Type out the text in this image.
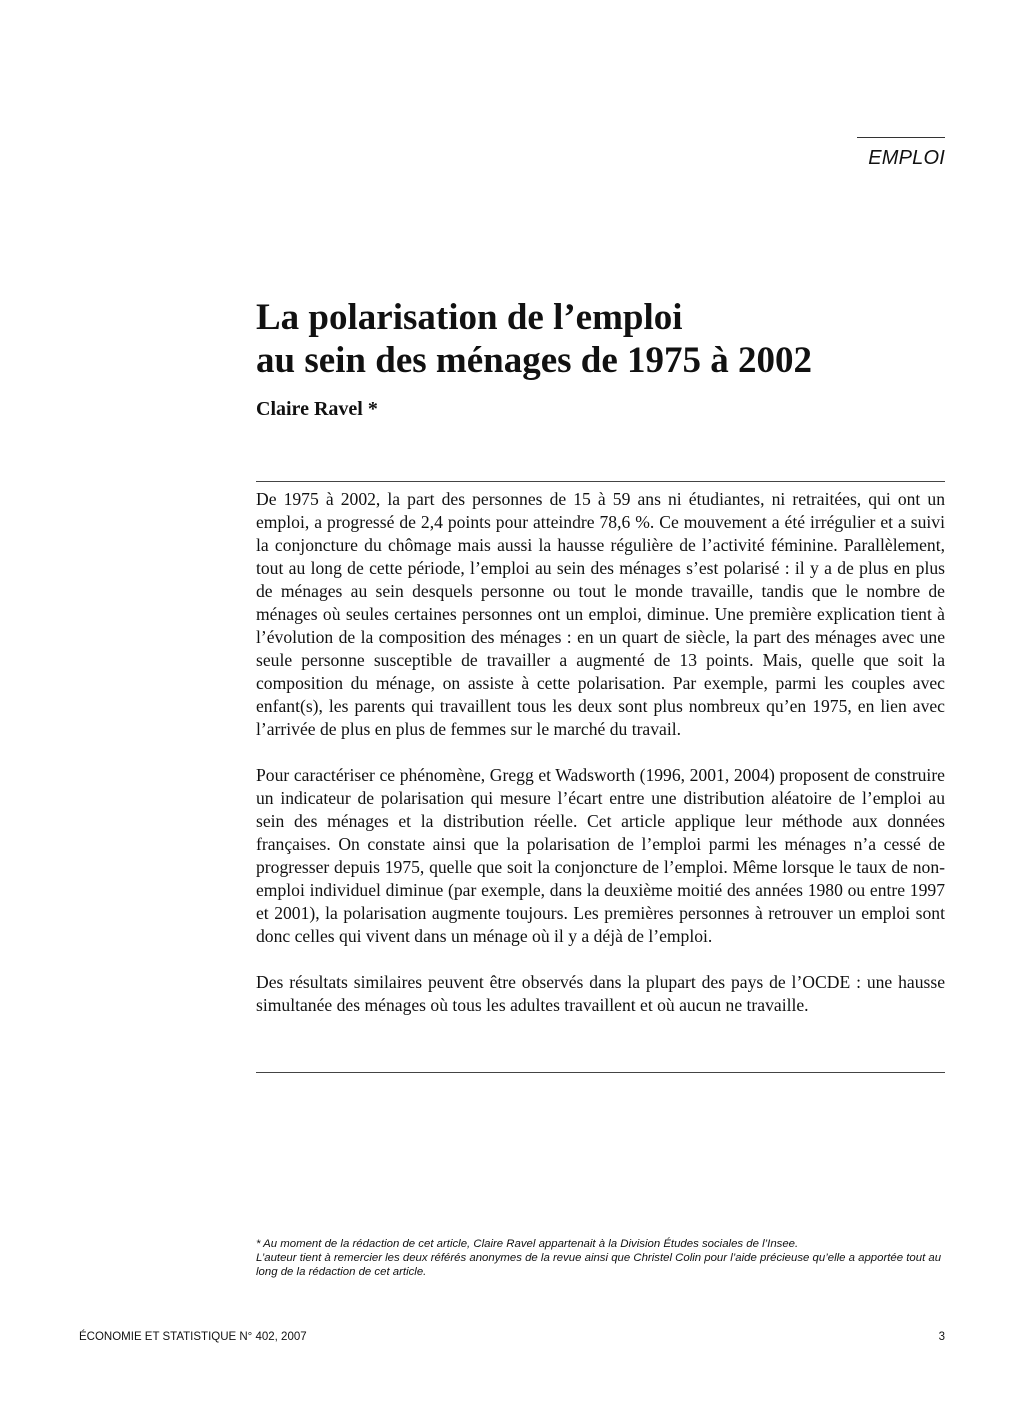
EMPLOI
La polarisation de l’emploi
au sein des ménages de 1975 à 2002
Claire Ravel *

De 1975 à 2002, la part des personnes de 15 à 59 ans ni étudiantes, ni retraitées, qui ont un emploi, a progressé de 2,4 points pour atteindre 78,6 %. Ce mouvement a été irrégulier et a suivi la conjoncture du chômage mais aussi la hausse régulière de l’activité féminine. Parallèlement, tout au long de cette période, l’emploi au sein des ménages s’est polarisé : il y a de plus en plus de ménages au sein desquels personne ou tout le monde travaille, tandis que le nombre de ménages où seules certaines personnes ont un emploi, diminue. Une première explication tient à l’évolution de la composition des ménages : en un quart de siècle, la part des ménages avec une seule personne susceptible de travailler a augmenté de 13 points. Mais, quelle que soit la composition du ménage, on assiste à cette polarisation. Par exemple, parmi les couples avec enfant(s), les parents qui travaillent tous les deux sont plus nombreux qu’en 1975, en lien avec l’arrivée de plus en plus de femmes sur le marché du travail.

Pour caractériser ce phénomène, Gregg et Wadsworth (1996, 2001, 2004) proposent de construire un indicateur de polarisation qui mesure l’écart entre une distribution aléatoire de l’emploi au sein des ménages et la distribution réelle. Cet article applique leur méthode aux données françaises. On constate ainsi que la polarisation de l’emploi parmi les ménages n’a cessé de progresser depuis 1975, quelle que soit la conjoncture de l’emploi. Même lorsque le taux de non-emploi individuel diminue (par exemple, dans la deuxième moitié des années 1980 ou entre 1997 et 2001), la polarisation augmente toujours. Les premières personnes à retrouver un emploi sont donc celles qui vivent dans un ménage où il y a déjà de l’emploi.

Des résultats similaires peuvent être observés dans la plupart des pays de l’OCDE : une hausse simultanée des ménages où tous les adultes travaillent et où aucun ne travaille.

* Au moment de la rédaction de cet article, Claire Ravel appartenait à la Division Études sociales de l’Insee.

L’auteur tient à remercier les deux référés anonymes de la revue ainsi que Christel Colin pour l’aide précieuse qu’elle a apportée tout au long de la rédaction de cet article.

ÉCONOMIE ET STATISTIQUE N° 402, 2007	3
